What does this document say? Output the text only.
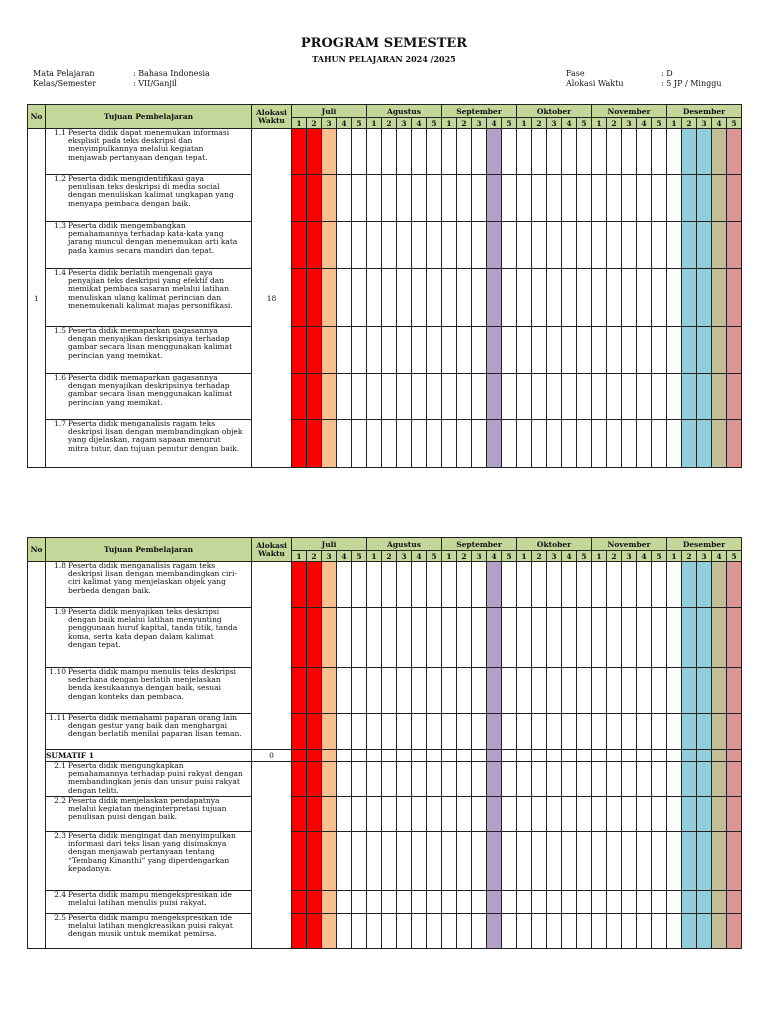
PROGRAM SEMESTER
TAHUN PELAJARAN 2024 /2025
Mata Pelajaran	: Bahasa Indonesia
Kelas/Semester	: VII/Ganjil
Fase	: D
Alokasi Waktu	: 5 JP / Minggu
No	Tujuan Pembelajaran	Alokasi Waktu	Juli					Agustus					September					Oktober					November					Desember				
			1	2	3	4	5	1	2	3	4	5	1	2	3	4	5	1	2	3	4	5	1	2	3	4	5	1	2	3	4	5
1	1.1 Peserta didik dapat menemukan informasi eksplisit pada teks deskripsi dan menyimpulkannya melalui kegiatan menjawab pertanyaan dengan tepat.	18																														
	1.2 Peserta didik mengidentifikasi gaya penulisan teks deskripsi di media social dengan menuliskan kalimat ungkapan yang menyapa pembaca dengan baik.																															
	1.3 Peserta didik mengembangkan pemahamannya terhadap kata-kata yang jarang muncul dengan menemukan arti kata pada kamus secara mandiri dan tepat.																															
	1.4 Peserta didik berlatih mengenali gaya penyajian teks deskripsi yang efektif dan memikat pembaca sasaran melalui latihan menuliskan ulang kalimat perincian dan menemukenali kalimat majas personifikasi.																															
	1.5 Peserta didik memaparkan gagasannya dengan menyajikan deskripsinya terhadap gambar secara lisan menggunakan kalimat perincian yang memikat.																															
	1.6 Peserta didik memaparkan gagasannya dengan menyajikan deskripsinya terhadap gambar secara lisan menggunakan kalimat perincian yang memikat.																															
	1.7 Peserta didik menganalisis ragam teks deskripsi lisan dengan membandingkan objek yang dijelaskan, ragam sapaan menurut mitra tutur, dan tujuan penutur dengan baik.																															
No	Tujuan Pembelajaran	Alokasi Waktu	Juli					Agustus					September					Oktober					November					Desember				
			1	2	3	4	5	1	2	3	4	5	1	2	3	4	5	1	2	3	4	5	1	2	3	4	5	1	2	3	4	5
	1.8 Peserta didik menganalisis ragam teks deskripsi lisan dengan membandingkan ciri-ciri kalimat yang menjelaskan objek yang berbeda dengan baik.																															
	1.9 Peserta didik menyajikan teks deskripsi dengan baik melalui latihan menyunting penggunaan huruf kapital, tanda titik, tanda koma, serta kata depan dalam kalimat dengan tepat.																															
	1.10 Peserta didik mampu menulis teks deskripsi sederhana dengan berlatih menjelaskan benda kesukaannya dengan baik, sesuai dengan konteks dan pembaca.																															
	1.11 Peserta didik memahami paparan orang lain dengan gestur yang baik dan menghargai dengan berlatih menilai paparan lisan teman.																															
	SUMATIF 1	0																														
	2.1 Peserta didik mengungkapkan pemahamannya terhadap puisi rakyat dengan membandingkan jenis dan unsur puisi rakyat dengan teliti.																															
	2.2 Peserta didik menjelaskan pendapatnya melalui kegiatan menginterpretasi tujuan penulisan puisi dengan baik.																															
	2.3 Peserta didik mengingat dan menyimpulkan informasi dari teks lisan yang disimaknya dengan menjawab pertanyaan tentang “Tembang Kinanthi” yang diperdengarkan kepadanya.																															
	2.4 Peserta didik mampu mengekspresikan ide melalui latihan menulis puisi rakyat.																															
	2.5 Peserta didik mampu mengekspresikan ide melalui latihan mengkreasikan puisi rakyat dengan musik untuk memikat pemirsa.																															
